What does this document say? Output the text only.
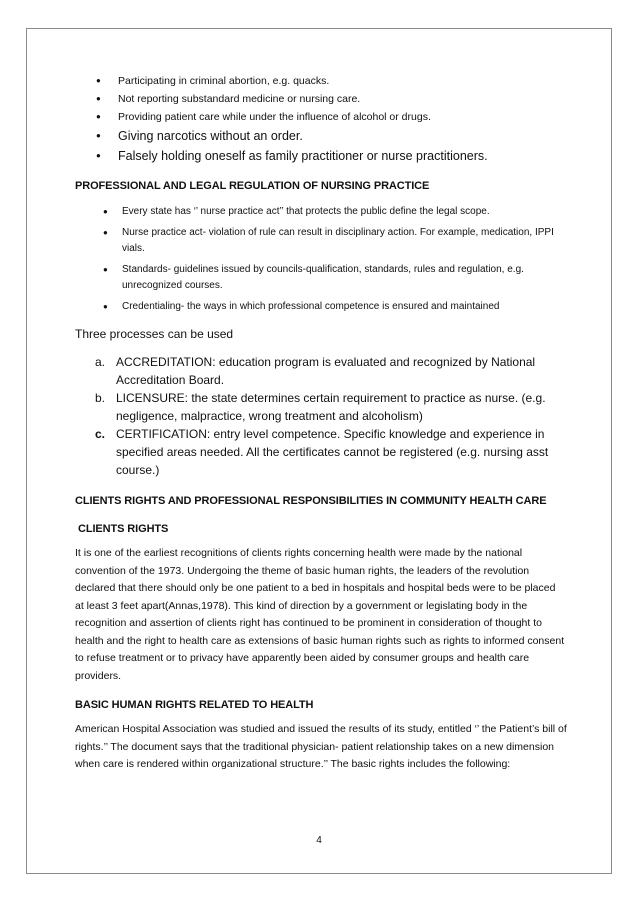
● Participating in criminal abortion, e.g. quacks.
● Not reporting substandard medicine or nursing care.
● Providing patient care while under the influence of alcohol or drugs.
● Giving narcotics without an order.
● Falsely holding oneself as family practitioner or nurse practitioners.

PROFESSIONAL AND LEGAL REGULATION OF NURSING PRACTICE

● Every state has ‘’ nurse practice act’’ that protects the public define the legal scope.
● Nurse practice act- violation of rule can result in disciplinary action. For example, medication, IPPI vials.
● Standards- guidelines issued by councils-qualification, standards, rules and regulation, e.g. unrecognized courses.
● Credentialing- the ways in which professional competence is ensured and maintained

Three processes can be used

a. ACCREDITATION: education program is evaluated and recognized by National Accreditation Board.
b. LICENSURE: the state determines certain requirement to practice as nurse. (e.g. negligence, malpractice, wrong treatment and alcoholism)
c. CERTIFICATION: entry level competence. Specific knowledge and experience in specified areas needed. All the certificates cannot be registered (e.g. nursing asst course.)

CLIENTS RIGHTS AND PROFESSIONAL RESPONSIBILITIES IN COMMUNITY HEALTH CARE

CLIENTS RIGHTS

It is one of the earliest recognitions of clients rights concerning health were made by the national convention of the 1973. Undergoing the theme of basic human rights, the leaders of the revolution declared that there should only be one patient to a bed in hospitals and hospital beds were to be placed at least 3 feet apart(Annas,1978). This kind of direction by a government or legislating body in the recognition and assertion of clients right has continued to be prominent in consideration of thought to health and the right to health care as extensions of basic human rights such as rights to informed consent to refuse treatment or to privacy have apparently been aided by consumer groups and health care providers.

BASIC HUMAN RIGHTS RELATED TO HEALTH

American Hospital Association was studied and issued the results of its study, entitled ‘’ the Patient’s bill of rights.’’ The document says that the traditional physician- patient relationship takes on a new dimension when care is rendered within organizational structure.’’ The basic rights includes the following:

4
